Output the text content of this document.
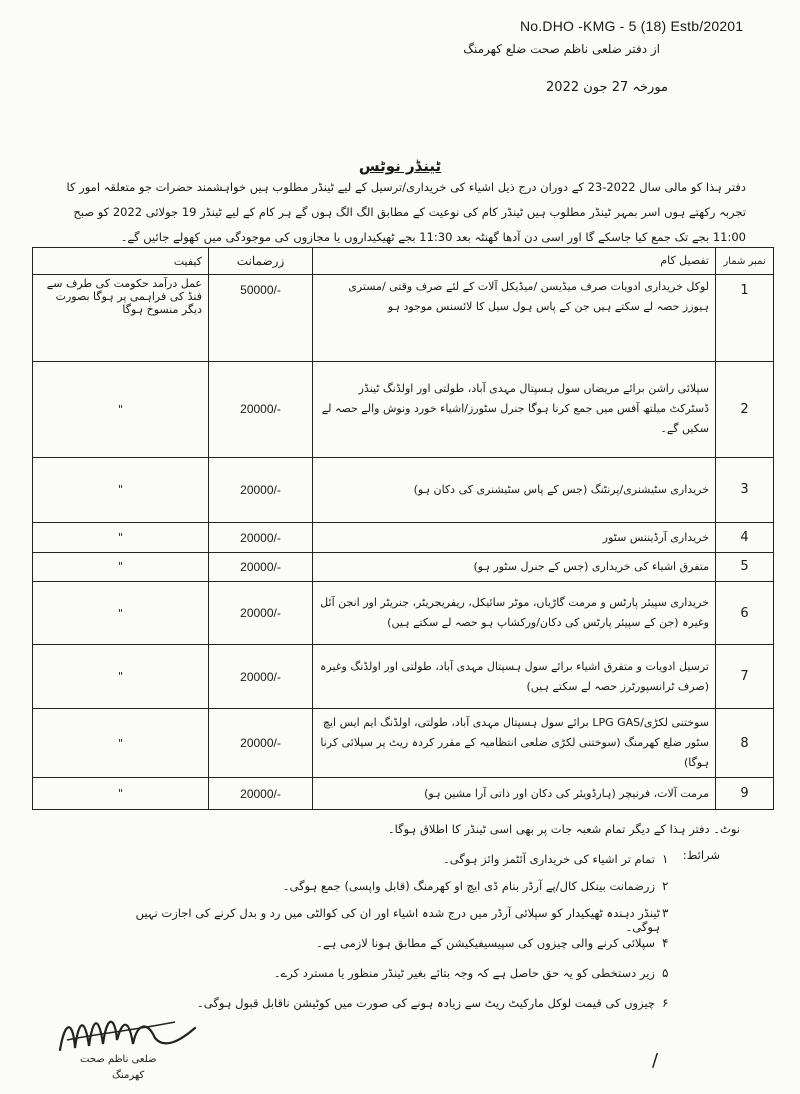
No.DHO -KMG - 5 (18) Estb/20201
از دفتر ضلعی ناظم صحت ضلع کھرمنگ
مورخہ 27 جون 2022
ٹینڈر نوٹس
دفتر ہذا کو مالی سال 2022-23 کے دوران درج ذیل اشیاء کی خریداری/ترسیل کے لیے ٹینڈر مطلوب ہیں خواہشمند حضرات جو متعلقہ امور کا تجربہ رکھتے ہوں اسر بمہر ٹینڈر مطلوب ہیں ٹینڈر کام کی نوعیت کے مطابق الگ الگ ہوں گے ہر کام کے لیے ٹینڈر 19 جولائی 2022 کو صبح 11:00 بجے تک جمع کیا جاسکے گا اور اسی دن آدھا گھنٹہ بعد 11:30 بجے ٹھیکیداروں یا مجازوں کی موجودگی میں کھولے جائیں گے۔
کیفیت	زرضمانت	تفصیل کام	نمبر شمار
عمل درآمد حکومت کی طرف سے فنڈ کی فراہمی پر ہوگا بصورت دیگر منسوخ ہوگا	50000/-	لوکل خریداری ادویات صرف میڈیسن /میڈیکل آلات کے لئے صرف وقتی /مستری ہیوزز حصہ لے سکتے ہیں جن کے پاس ہول سیل کا لائسنس موجود ہو	1
"	20000/-	سپلائی راشن برائے مریضاں سول ہسپتال مہدی آباد، طولتی اور اولڈنگ ٹینڈر ڈسٹرکٹ میلتھ آفس میں جمع کرنا ہوگا جنرل سٹورز/اشیاء خورد ونوش والے حصہ لے سکیں گے۔	2
"	20000/-	خریداری سٹیشنری/پرنٹنگ (جس کے پاس سٹیشنری کی دکان ہو)	3
"	20000/-	خریداری آرڈیننس سٹور	4
"	20000/-	متفرق اشیاء کی خریداری (جس کے جنرل سٹور ہو)	5
"	20000/-	خریداری سپیئر پارٹس و مرمت گاڑیاں، موٹر سائیکل، ریفریجریٹر، جنریٹر اور انجن آئل وغیرہ (جن کے سپیئر پارٹس کی دکان/ورکشاپ ہو حصہ لے سکتے ہیں)	6
"	20000/-	ترسیل ادویات و متفرق اشیاء برائے سول ہسپتال مہدی آباد، طولتی اور اولڈنگ وغیرہ (صرف ٹرانسپورٹرز حصہ لے سکتے ہیں)	7
"	20000/-	سوختنی لکڑی/LPG GAS برائے سول ہسپتال مہدی آباد، طولتی، اولڈنگ ایم ایس ایچ سٹور ضلع کھرمنگ (سوختنی لکڑی ضلعی انتظامیہ کے مقرر کردہ ریٹ پر سپلائی کرنا ہوگا)	8
"	20000/-	مرمت آلات، فرنیچر (ہارڈویئر کی دکان اور ذاتی آرا مشین ہو)	9
نوٹ۔ دفتر ہذا کے دیگر تمام شعبہ جات پر بھی اسی ٹینڈر کا اطلاق ہوگا۔
شرائط:
۱
تمام تر اشیاء کی خریداری آئٹمز وائز ہوگی۔
۲
زرضمانت بینکل کال/پے آرڈر بنام ڈی ایچ او کھرمنگ (قابل واپسی) جمع ہوگی۔
۳
ٹینڈر دہندہ ٹھیکیدار کو سپلائی آرڈر میں درج شدہ اشیاء اور ان کی کوالٹی میں رد و بدل کرنے کی اجازت نہیں ہوگی۔
۴
سپلائی کرنے والی چیزوں کی سپیسیفیکیشن کے مطابق ہونا لازمی ہے۔
۵
زیر دستخطی کو یہ حق حاصل ہے کہ وجہ بتائے بغیر ٹینڈر منظور یا مسترد کرے۔
۶
چیزوں کی قیمت لوکل مارکیٹ ریٹ سے زیادہ ہونے کی صورت میں کوٹیشن ناقابل قبول ہوگی۔
ضلعی ناظم صحت
کھرمنگ
/
